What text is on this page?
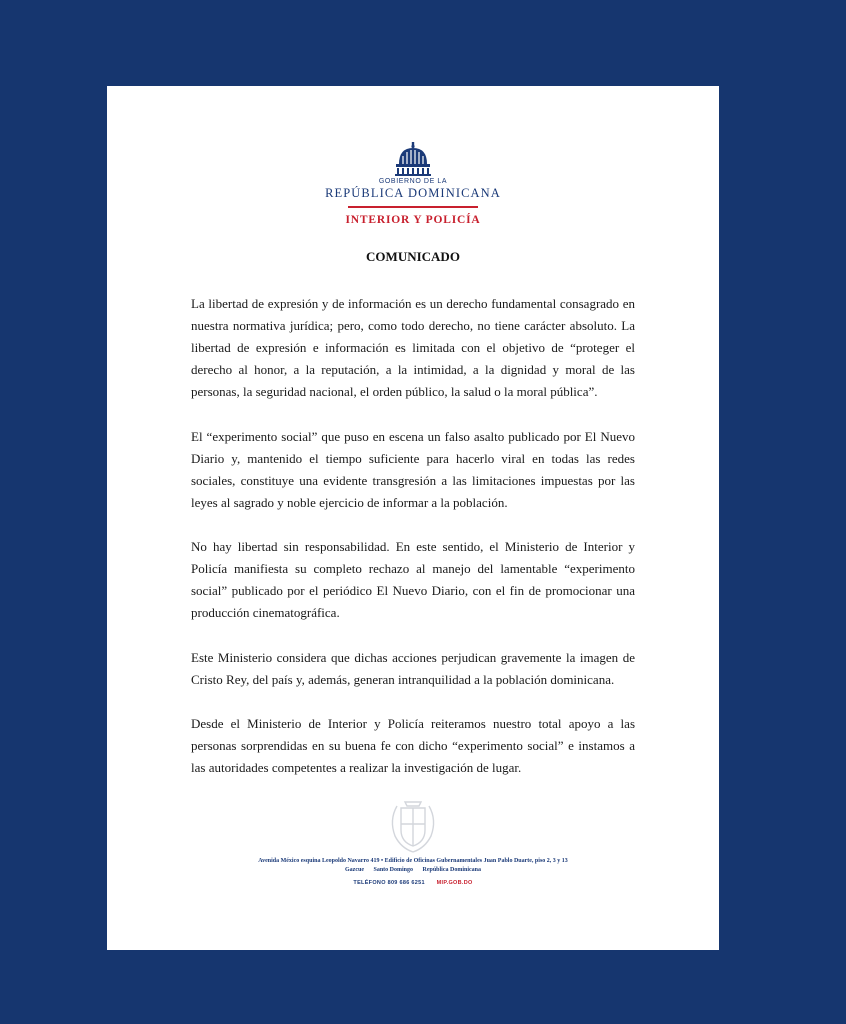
GOBIERNO DE LA
REPÚBLICA DOMINICANA
INTERIOR Y POLICÍA
COMUNICADO

La libertad de expresión y de información es un derecho fundamental consagrado en nuestra normativa jurídica; pero, como todo derecho, no tiene carácter absoluto. La libertad de expresión e información es limitada con el objetivo de “proteger el derecho al honor, a la reputación, a la intimidad, a la dignidad y moral de las personas, la seguridad nacional, el orden público, la salud o la moral pública”.

El “experimento social” que puso en escena un falso asalto publicado por El Nuevo Diario y, mantenido el tiempo suficiente para hacerlo viral en todas las redes sociales, constituye una evidente transgresión a las limitaciones impuestas por las leyes al sagrado y noble ejercicio de informar a la población.

No hay libertad sin responsabilidad. En este sentido, el Ministerio de Interior y Policía manifiesta su completo rechazo al manejo del lamentable “experimento social” publicado por el periódico El Nuevo Diario, con el fin de promocionar una producción cinematográfica.

Este Ministerio considera que dichas acciones perjudican gravemente la imagen de Cristo Rey, del país y, además, generan intranquilidad a la población dominicana.

Desde el Ministerio de Interior y Policía reiteramos nuestro total apoyo a las personas sorprendidas en su buena fe con dicho “experimento social” e instamos a las autoridades competentes a realizar la investigación de lugar.

Avenida México esquina Leopoldo Navarro 419 • Edificio de Oficinas Gubernamentales Juan Pablo Duarte, piso 2, 3 y 13
Gazcue Santo Domingo República Dominicana
TELÉFONO 809 686 6251 MIP.GOB.DO
